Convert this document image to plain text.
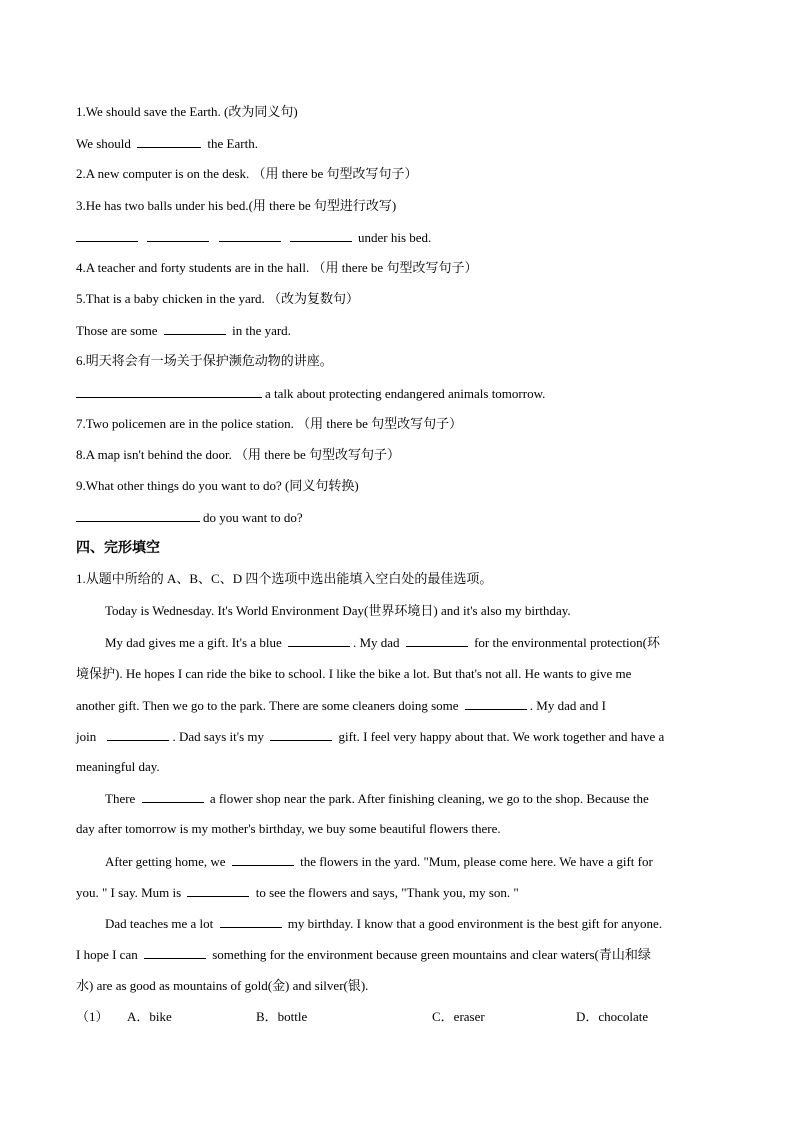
1.We should save the Earth. (改为同义句)
We should	the Earth.
2.A new computer is on the desk. （用 there be 句型改写句子）
3.He has two balls under his bed.(用 there be 句型进行改写)
under his bed.
4.A teacher and forty students are in the hall. （用 there be 句型改写句子）
5.That is a baby chicken in the yard. （改为复数句）
Those are some	in the yard.
6.明天将会有一场关于保护濒危动物的讲座。
a talk about protecting endangered animals tomorrow.
7.Two policemen are in the police station. （用 there be 句型改写句子）
8.A map isn't behind the door. （用 there be 句型改写句子）
9.What other things do you want to do? (同义句转换)
do you want to do?
四、完形填空
1.从题中所给的 A、B、C、D 四个选项中选出能填入空白处的最佳选项。
Today is Wednesday. It's World Environment Day(世界环境日) and it's also my birthday.
My dad gives me a gift. It's a blue	. My dad	for the environmental protection(环
境保护). He hopes I can ride the bike to school. I like the bike a lot. But that's not all. He wants to give me
another gift. Then we go to the park. There are some cleaners doing some	. My dad and I
join	. Dad says it's my	gift. I feel very happy about that. We work together and have a
meaningful day.
There	a flower shop near the park. After finishing cleaning, we go to the shop. Because the
day after tomorrow is my mother's birthday, we buy some beautiful flowers there.
After getting home, we	the flowers in the yard. "Mum, please come here. We have a gift for
you. " I say. Mum is	to see the flowers and says, "Thank you, my son. "
Dad teaches me a lot	my birthday. I know that a good environment is the best gift for anyone.
I hope I can	something for the environment because green mountains and clear waters(青山和绿
水) are as good as mountains of gold(金) and silver(银).
（1） A．bike	B．bottle	C．eraser	D．chocolate
